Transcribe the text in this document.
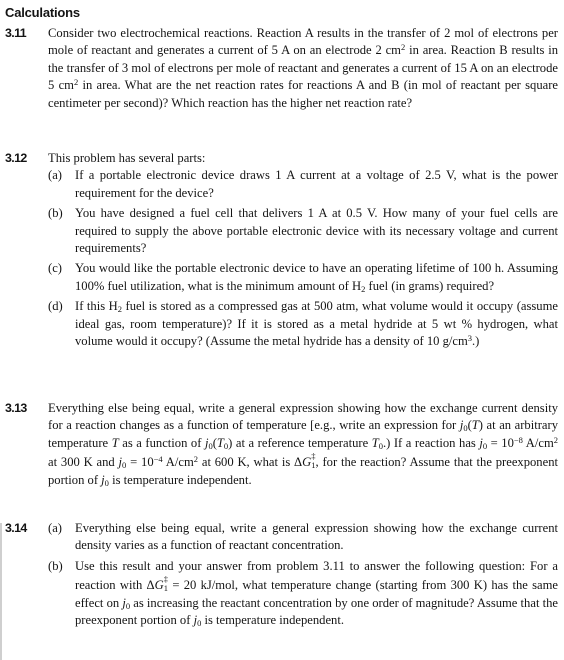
Calculations
3.11 Consider two electrochemical reactions. Reaction A results in the transfer of 2 mol of electrons per mole of reactant and generates a current of 5 A on an electrode 2 $cm^2$ in area. Reaction B results in the transfer of 3 mol of electrons per mole of reactant and generates a current of 15 A on an electrode 5 $cm^2$ in area. What are the net reaction rates for reactions A and B (in mol of reactant per square centimeter per second)? Which reaction has the higher net reaction rate?
3.12 This problem has several parts:
(a) If a portable electronic device draws 1 A current at a voltage of 2.5 V, what is the power requirement for the device?
(b) You have designed a fuel cell that delivers 1 A at 0.5 V. How many of your fuel cells are required to supply the above portable electronic device with its necessary voltage and current requirements?
(c) You would like the portable electronic device to have an operating lifetime of 100 h. Assuming 100% fuel utilization, what is the minimum amount of $H_2$ fuel (in grams) required?
(d) If this $H_2$ fuel is stored as a compressed gas at 500 atm, what volume would it occupy (assume ideal gas, room temperature)? If it is stored as a metal hydride at 5 wt % hydrogen, what volume would it occupy? (Assume the metal hydride has a density of 10 $g/cm^3$.)
3.13 Everything else being equal, write a general expression showing how the exchange current density for a reaction changes as a function of temperature [e.g., write an expression for $j_0(T)$ at an arbitrary temperature T as a function of $j_0(T_0)$ at a reference temperature $T_0$.) If a reaction has $j_0 = 10^{-8}$ $A/cm^2$ at 300 K and $j_0 = 10^{-4}$ $A/cm^2$ at 600 K, what is ΔG ‡
1 , for the reaction? Assume that the preexponent portion of $j_0$ is temperature independent.
3.14 (a) Everything else being equal, write a general expression showing how the exchange current density varies as a function of reactant concentration.
(b) Use this result and your answer from problem 3.11 to answer the following question: For a reaction with ΔG ‡
1 = 20 kJ/mol, what temperature change (starting from 300 K) has the same effect on $j_0$ as increasing the reactant concentration by one order of magnitude? Assume that the preexponent portion of $j_0$ is temperature independent.
